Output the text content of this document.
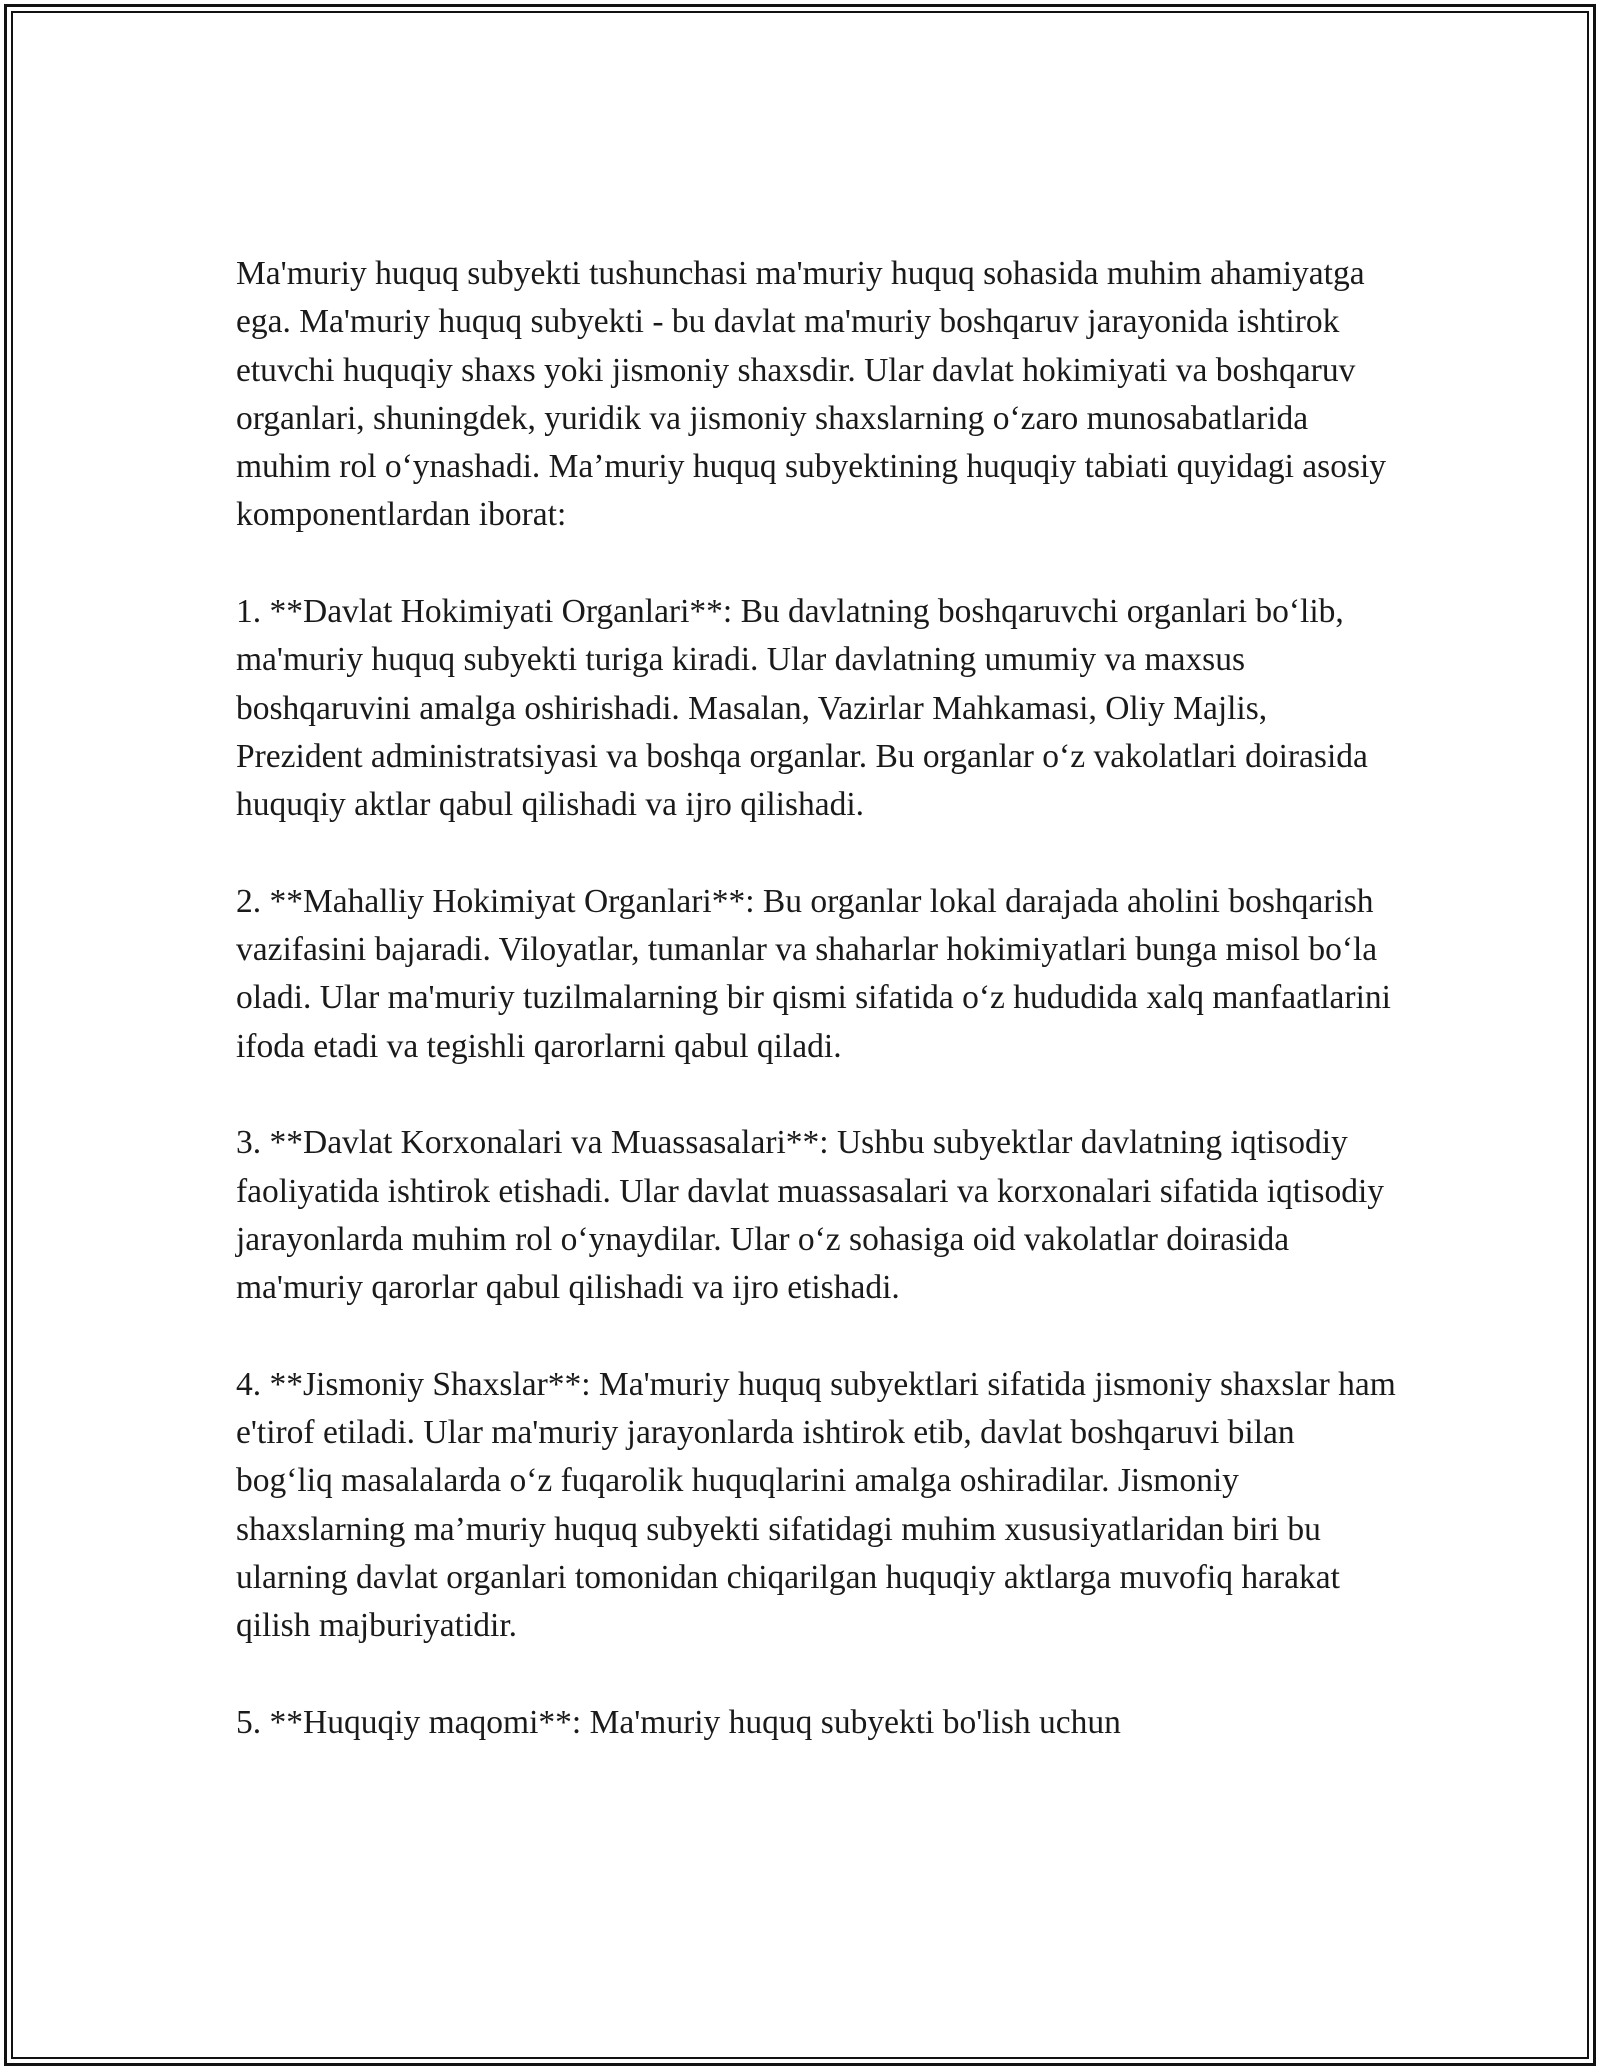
Ma'muriy huquq subyekti tushunchasi ma'muriy huquq sohasida muhim ahamiyatga ega. Ma'muriy huquq subyekti - bu davlat ma'muriy boshqaruv jarayonida ishtirok etuvchi huquqiy shaxs yoki jismoniy shaxsdir. Ular davlat hokimiyati va boshqaruv organlari, shuningdek, yuridik va jismoniy shaxslarning o‘zaro munosabatlarida muhim rol o‘ynashadi. Ma’muriy huquq subyektining huquqiy tabiati quyidagi asosiy komponentlardan iborat:

1. **Davlat Hokimiyati Organlari**: Bu davlatning boshqaruvchi organlari bo‘lib, ma'muriy huquq subyekti turiga kiradi. Ular davlatning umumiy va maxsus boshqaruvini amalga oshirishadi. Masalan, Vazirlar Mahkamasi, Oliy Majlis, Prezident administratsiyasi va boshqa organlar. Bu organlar o‘z vakolatlari doirasida huquqiy aktlar qabul qilishadi va ijro qilishadi.

2. **Mahalliy Hokimiyat Organlari**: Bu organlar lokal darajada aholini boshqarish vazifasini bajaradi. Viloyatlar, tumanlar va shaharlar hokimiyatlari bunga misol bo‘la oladi. Ular ma'muriy tuzilmalarning bir qismi sifatida o‘z hududida xalq manfaatlarini ifoda etadi va tegishli qarorlarni qabul qiladi.

3. **Davlat Korxonalari va Muassasalari**: Ushbu subyektlar davlatning iqtisodiy faoliyatida ishtirok etishadi. Ular davlat muassasalari va korxonalari sifatida iqtisodiy jarayonlarda muhim rol o‘ynaydilar. Ular o‘z sohasiga oid vakolatlar doirasida ma'muriy qarorlar qabul qilishadi va ijro etishadi.

4. **Jismoniy Shaxslar**: Ma'muriy huquq subyektlari sifatida jismoniy shaxslar ham e'tirof etiladi. Ular ma'muriy jarayonlarda ishtirok etib, davlat boshqaruvi bilan bog‘liq masalalarda o‘z fuqarolik huquqlarini amalga oshiradilar. Jismoniy shaxslarning ma’muriy huquq subyekti sifatidagi muhim xususiyatlaridan biri bu ularning davlat organlari tomonidan chiqarilgan huquqiy aktlarga muvofiq harakat qilish majburiyatidir.

5. **Huquqiy maqomi**: Ma'muriy huquq subyekti bo'lish uchun
